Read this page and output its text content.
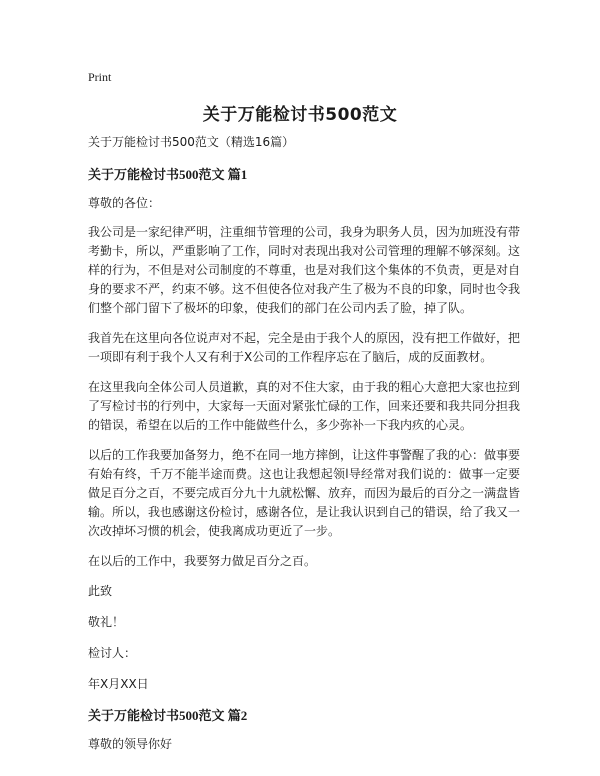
Print
关于万能检讨书500范文

关于万能检讨书500范文（精选16篇）

关于万能检讨书500范文 篇1

尊敬的各位：

我公司是一家纪律严明，注重细节管理的公司，我身为职务人员，因为加班没有带考勤卡，所以，严重影响了工作，同时对表现出我对公司管理的理解不够深刻。这样的行为，不但是对公司制度的不尊重，也是对我们这个集体的不负责，更是对自身的要求不严，约束不够。这不但使各位对我产生了极为不良的印象，同时也令我们整个部门留下了极坏的印象，使我们的部门在公司内丢了脸，掉了队。

我首先在这里向各位说声对不起，完全是由于我个人的原因，没有把工作做好，把一项即有利于我个人又有利于X公司的工作程序忘在了脑后，成的反面教材。

在这里我向全体公司人员道歉，真的对不住大家，由于我的粗心大意把大家也拉到了写检讨书的行列中，大家每一天面对紧张忙碌的工作，回来还要和我共同分担我的错误，希望在以后的工作中能做些什么，多少弥补一下我内疚的心灵。

以后的工作我要加备努力，绝不在同一地方摔倒，让这件事警醒了我的心：做事要有始有终，千万不能半途而费。这也让我想起领l导经常对我们说的：做事一定要做足百分之百，不要完成百分九十九就松懈、放弃，而因为最后的百分之一满盘皆输。所以，我也感谢这份检讨，感谢各位，是让我认识到自己的错误，给了我又一次改掉坏习惯的机会，使我离成功更近了一步。

在以后的工作中，我要努力做足百分之百。

此致

敬礼！

检讨人：

年X月XX日

关于万能检讨书500范文 篇2

尊敬的领导你好
